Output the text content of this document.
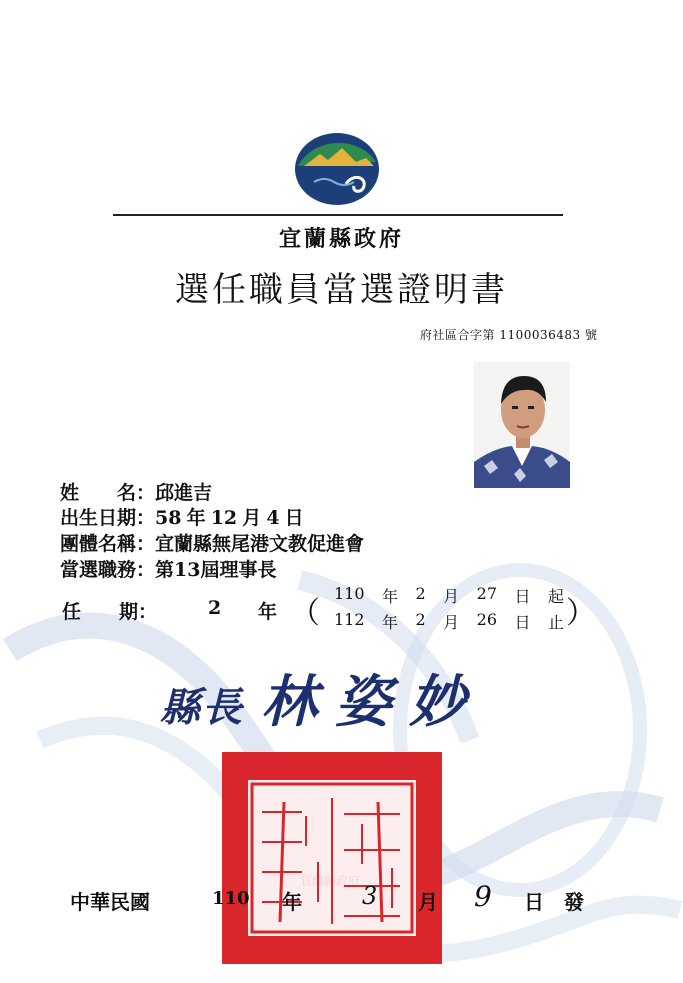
宜蘭縣政府
選任職員當選證明書
府社區合字第 1100036483 號
姓　　名：邱進吉
出生日期：58 年 12 月 4 日
團體名稱：宜蘭縣無尾港文教促進會
當選職務：第13屆理事長
任　　期：	2 年 （	）
110 年 2 月 27 日 起
112 年 2 月 26 日 止
縣長 林姿妙
宜蘭縣政府
中華民國	110 年	3 月 9 日 發
